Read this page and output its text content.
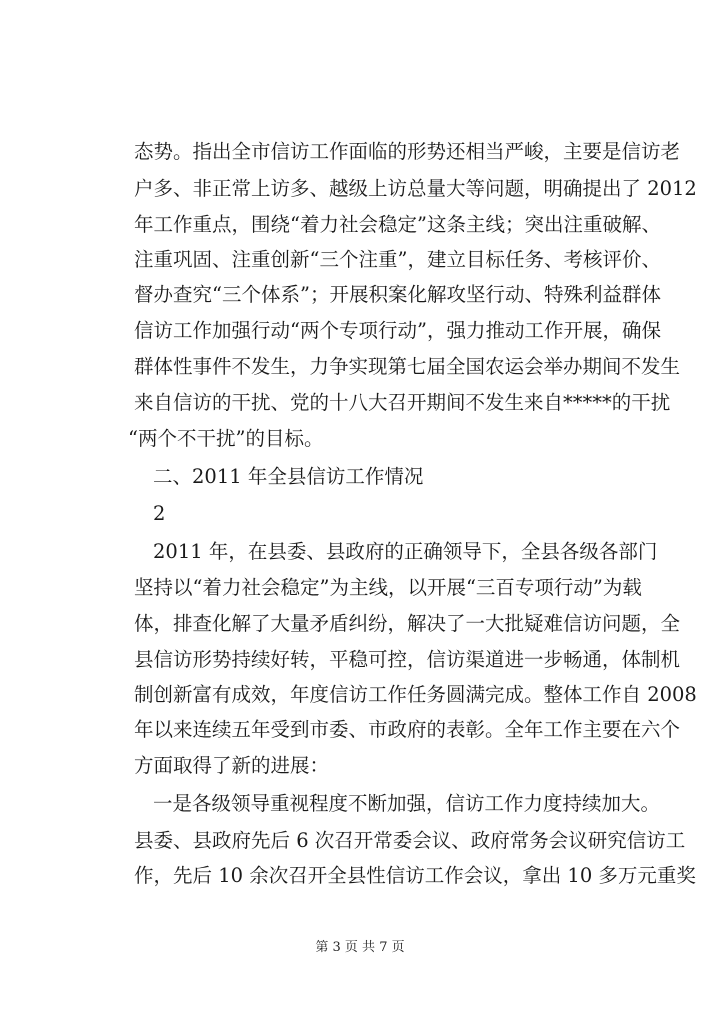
态势。指出全市信访工作面临的形势还相当严峻，主要是信访老
户多、非正常上访多、越级上访总量大等问题，明确提出了 2012
年工作重点，围绕“着力社会稳定”这条主线；突出注重破解、
注重巩固、注重创新“三个注重”，建立目标任务、考核评价、
督办查究“三个体系”；开展积案化解攻坚行动、特殊利益群体
信访工作加强行动“两个专项行动”，强力推动工作开展，确保
群体性事件不发生，力争实现第七届全国农运会举办期间不发生
来自信访的干扰、党的十八大召开期间不发生来自*****的干扰
“两个不干扰”的目标。
二、2011 年全县信访工作情况
2
2011 年，在县委、县政府的正确领导下，全县各级各部门
坚持以“着力社会稳定”为主线，以开展“三百专项行动”为载
体，排查化解了大量矛盾纠纷，解决了一大批疑难信访问题，全
县信访形势持续好转，平稳可控，信访渠道进一步畅通，体制机
制创新富有成效，年度信访工作任务圆满完成。整体工作自 2008
年以来连续五年受到市委、市政府的表彰。全年工作主要在六个
方面取得了新的进展：
一是各级领导重视程度不断加强，信访工作力度持续加大。
县委、县政府先后 6 次召开常委会议、政府常务会议研究信访工
作，先后 10 余次召开全县性信访工作会议，拿出 10 多万元重奖
第 3 页 共 7 页
